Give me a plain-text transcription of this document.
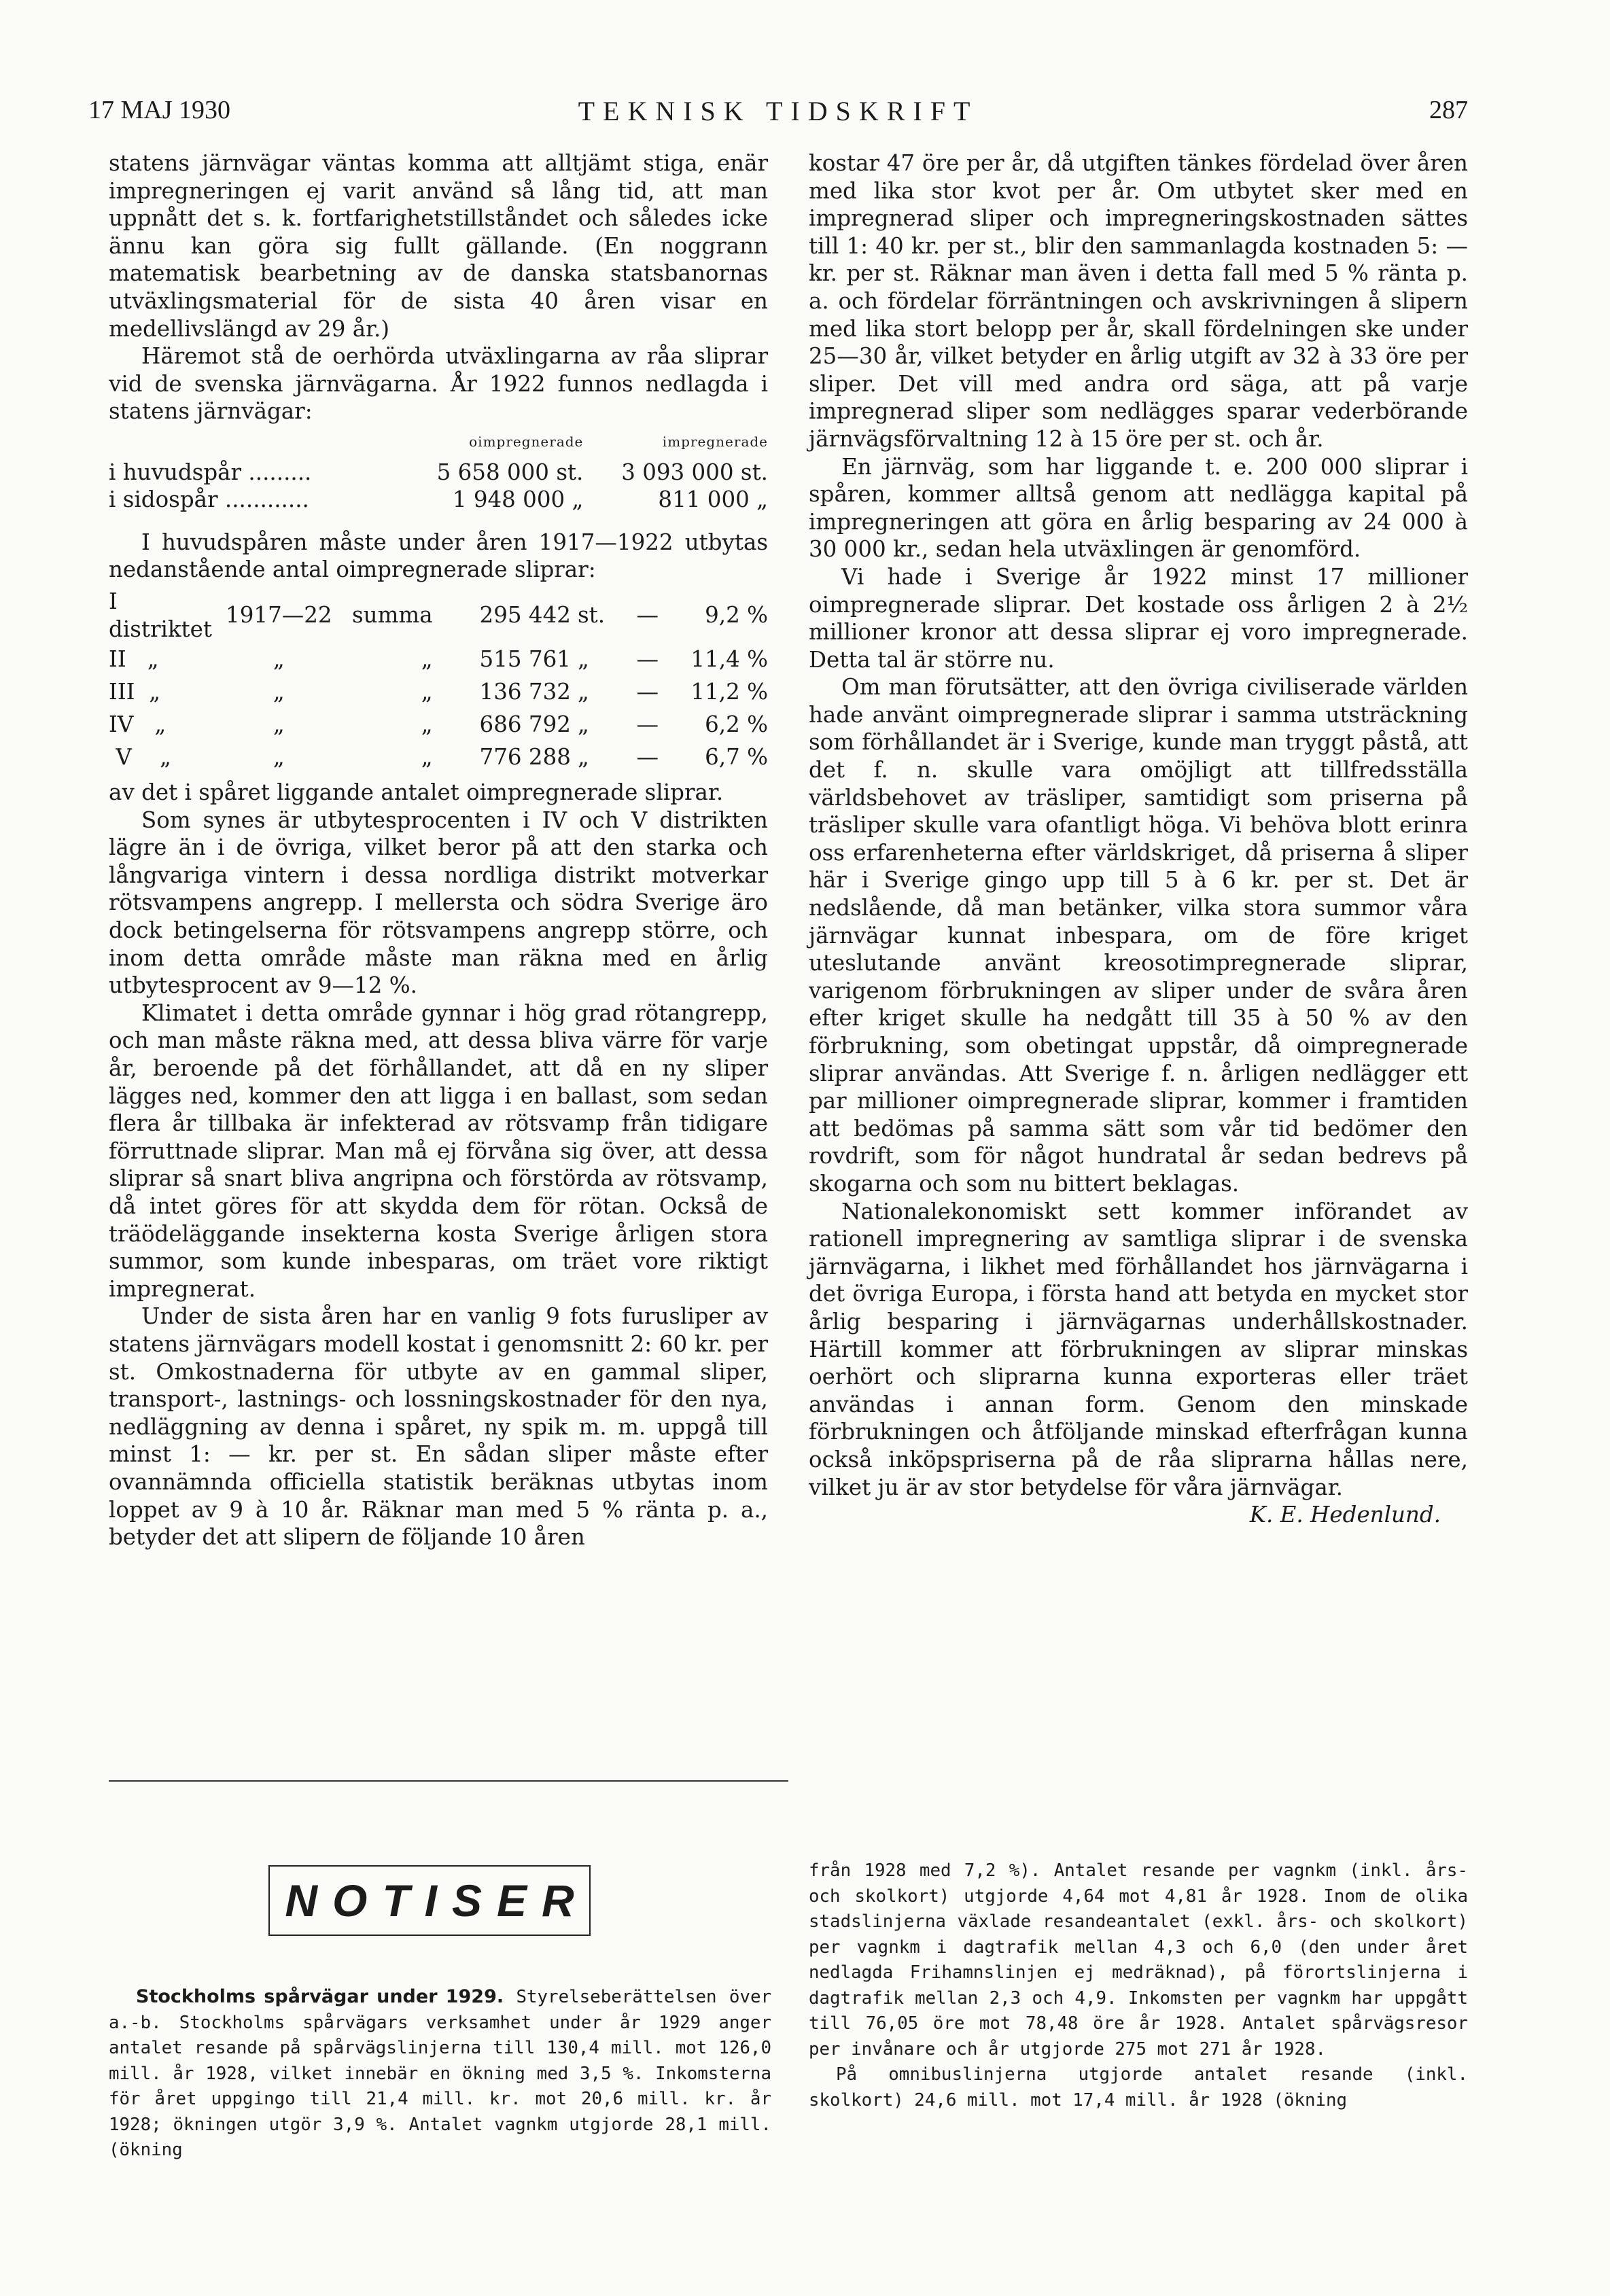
17 MAJ 1930	TEKNISK TIDSKRIFT	287

statens järnvägar väntas komma att alltjämt stiga, enär impregneringen ej varit använd så lång tid, att man uppnått det s. k. fortfarighetstillståndet och således icke ännu kan göra sig fullt gällande. (En noggrann matematisk bearbetning av de danska statsbanornas utväxlingsmaterial för de sista 40 åren visar en medellivslängd av 29 år.)

Häremot stå de oerhörda utväxlingarna av råa sliprar vid de svenska järnvägarna. År 1922 funnos nedlagda i statens järnvägar:

	oimpregnerade	impregnerade
i huvudspår .........	5 658 000 st.	3 093 000 st.
i sidospår ............	1 948 000 „	811 000 „

I huvudspåren måste under åren 1917—1922 utbytas nedanstående antal oimpregnerade sliprar:

I distriktet	1917—22	summa	295 442	st.	—	9,2 %
II „	„	„	515 761	„	—	11,4 %
III „	„	„	136 732	„	—	11,2 %
IV „	„	„	686 792	„	—	6,2 %
V „	„	„	776 288	„	—	6,7 %

av det i spåret liggande antalet oimpregnerade sliprar.

Som synes är utbytesprocenten i IV och V distrikten lägre än i de övriga, vilket beror på att den starka och långvariga vintern i dessa nordliga distrikt motverkar rötsvampens angrepp. I mellersta och södra Sverige äro dock betingelserna för rötsvampens angrepp större, och inom detta område måste man räkna med en årlig utbytesprocent av 9—12 %.

Klimatet i detta område gynnar i hög grad rötangrepp, och man måste räkna med, att dessa bliva värre för varje år, beroende på det förhållandet, att då en ny sliper lägges ned, kommer den att ligga i en ballast, som sedan flera år tillbaka är infekterad av rötsvamp från tidigare förruttnade sliprar. Man må ej förvåna sig över, att dessa sliprar så snart bliva angripna och förstörda av rötsvamp, då intet göres för att skydda dem för rötan. Också de träödeläggande insekterna kosta Sverige årligen stora summor, som kunde inbesparas, om träet vore riktigt impregnerat.

Under de sista åren har en vanlig 9 fots furusliper av statens järnvägars modell kostat i genomsnitt 2: 60 kr. per st. Omkostnaderna för utbyte av en gammal sliper, transport-, lastnings- och lossningskostnader för den nya, nedläggning av denna i spåret, ny spik m. m. uppgå till minst 1: — kr. per st. En sådan sliper måste efter ovannämnda officiella statistik beräknas utbytas inom loppet av 9 à 10 år. Räknar man med 5 % ränta p. a., betyder det att slipern de följande 10 åren

kostar 47 öre per år, då utgiften tänkes fördelad över åren med lika stor kvot per år. Om utbytet sker med en impregnerad sliper och impregneringskostnaden sättes till 1: 40 kr. per st., blir den sammanlagda kostnaden 5: — kr. per st. Räknar man även i detta fall med 5 % ränta p. a. och fördelar förräntningen och avskrivningen å slipern med lika stort belopp per år, skall fördelningen ske under 25—30 år, vilket betyder en årlig utgift av 32 à 33 öre per sliper. Det vill med andra ord säga, att på varje impregnerad sliper som nedlägges sparar vederbörande järnvägsförvaltning 12 à 15 öre per st. och år.

En järnväg, som har liggande t. e. 200 000 sliprar i spåren, kommer alltså genom att nedlägga kapital på impregneringen att göra en årlig besparing av 24 000 à 30 000 kr., sedan hela utväxlingen är genomförd.

Vi hade i Sverige år 1922 minst 17 millioner oimpregnerade sliprar. Det kostade oss årligen 2 à 2½ millioner kronor att dessa sliprar ej voro impregnerade. Detta tal är större nu.

Om man förutsätter, att den övriga civiliserade världen hade använt oimpregnerade sliprar i samma utsträckning som förhållandet är i Sverige, kunde man tryggt påstå, att det f. n. skulle vara omöjligt att tillfredsställa världsbehovet av träsliper, samtidigt som priserna på träsliper skulle vara ofantligt höga. Vi behöva blott erinra oss erfarenheterna efter världskriget, då priserna å sliper här i Sverige gingo upp till 5 à 6 kr. per st. Det är nedslående, då man betänker, vilka stora summor våra järnvägar kunnat inbespara, om de före kriget uteslutande använt kreosotimpregnerade sliprar, varigenom förbrukningen av sliper under de svåra åren efter kriget skulle ha nedgått till 35 à 50 % av den förbrukning, som obetingat uppstår, då oimpregnerade sliprar användas. Att Sverige f. n. årligen nedlägger ett par millioner oimpregnerade sliprar, kommer i framtiden att bedömas på samma sätt som vår tid bedömer den rovdrift, som för något hundratal år sedan bedrevs på skogarna och som nu bittert beklagas.

Nationalekonomiskt sett kommer införandet av rationell impregnering av samtliga sliprar i de svenska järnvägarna, i likhet med förhållandet hos järnvägarna i det övriga Europa, i första hand att betyda en mycket stor årlig besparing i järnvägarnas underhållskostnader. Härtill kommer att förbrukningen av sliprar minskas oerhört och sliprarna kunna exporteras eller träet användas i annan form. Genom den minskade förbrukningen och åtföljande minskad efterfrågan kunna också inköpspriserna på de råa sliprarna hållas nere, vilket ju är av stor betydelse för våra järnvägar.

K. E. Hedenlund.

NOTISER

Stockholms spårvägar under 1929. Styrelseberättelsen över a.-b. Stockholms spårvägars verksamhet under år 1929 anger antalet resande på spårvägslinjerna till 130,4 mill. mot 126,0 mill. år 1928, vilket innebär en ökning med 3,5 %. Inkomsterna för året uppgingo till 21,4 mill. kr. mot 20,6 mill. kr. år 1928; ökningen utgör 3,9 %. Antalet vagnkm utgjorde 28,1 mill. (ökning

från 1928 med 7,2 %). Antalet resande per vagnkm (inkl. års- och skolkort) utgjorde 4,64 mot 4,81 år 1928. Inom de olika stadslinjerna växlade resandeantalet (exkl. års- och skolkort) per vagnkm i dagtrafik mellan 4,3 och 6,0 (den under året nedlagda Frihamnslinjen ej medräknad), på förortslinjerna i dagtrafik mellan 2,3 och 4,9. Inkomsten per vagnkm har uppgått till 76,05 öre mot 78,48 öre år 1928. Antalet spårvägsresor per invånare och år utgjorde 275 mot 271 år 1928.

På omnibuslinjerna utgjorde antalet resande (inkl. skolkort) 24,6 mill. mot 17,4 mill. år 1928 (ökning
